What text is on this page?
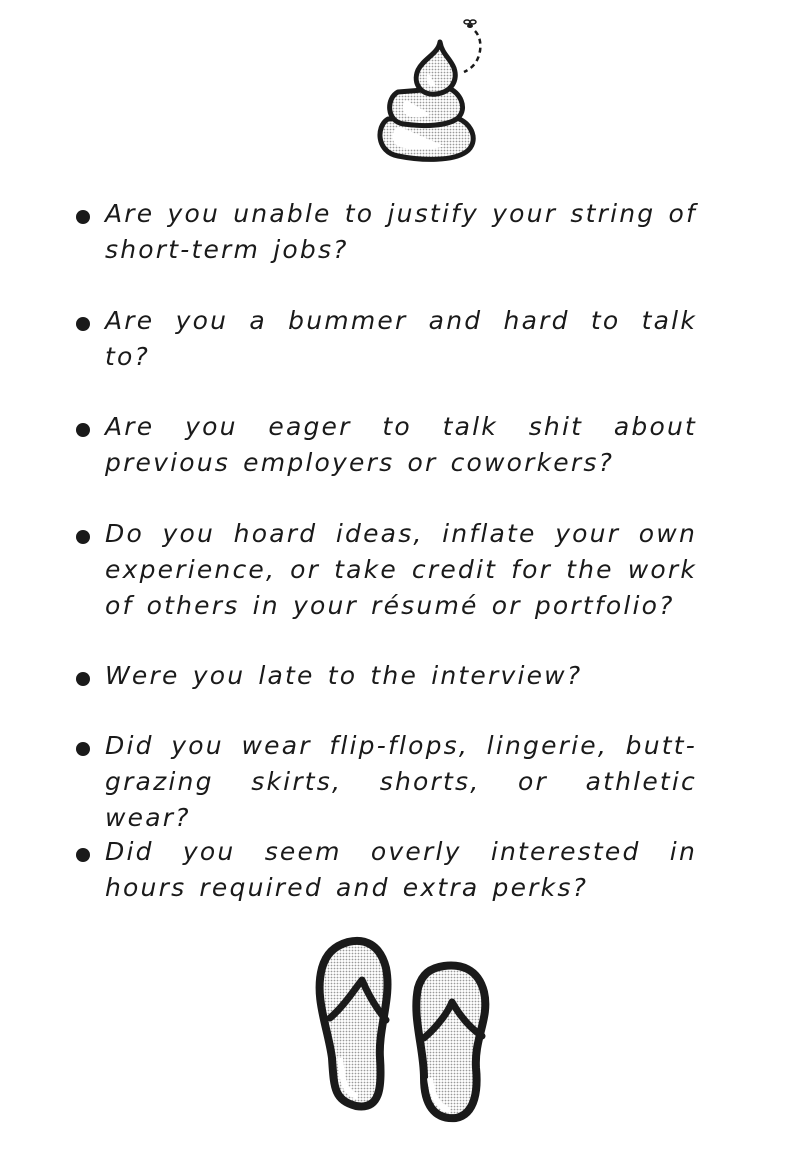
Are you unable to justify your string of short-term jobs?
Are you a bummer and hard to talk to?
Are you eager to talk shit about previous employers or coworkers?
Do you hoard ideas, inflate your own experience, or take credit for the work of others in your résumé or portfolio?
Were you late to the interview?
Did you wear flip-flops, lingerie, butt-grazing skirts, shorts, or athletic wear?
Did you seem overly interested in hours required and extra perks?
